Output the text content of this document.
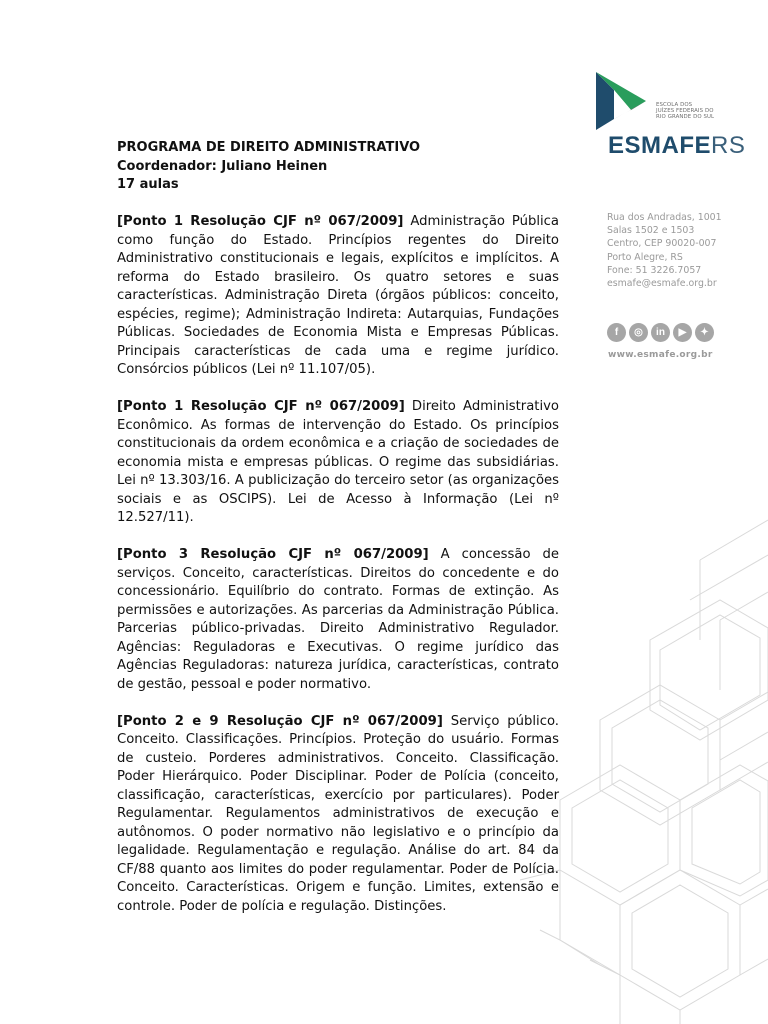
ESCOLA DOS
JUÍZES FEDERAIS DO
RIO GRANDE DO SUL
ESMAFERS
Rua dos Andradas, 1001
Salas 1502 e 1503
Centro, CEP 90020-007
Porto Alegre, RS
Fone: 51 3226.7057
esmafe@esmafe.org.br
f	◎	in	▶	✦
www.esmafe.org.br
PROGRAMA DE DIREITO ADMINISTRATIVO
Coordenador: Juliano Heinen
17 aulas

[Ponto 1 Resolução CJF nº 067/2009] Administração Pública como função do Estado. Princípios regentes do Direito Administrativo constitucionais e legais, explícitos e implícitos. A reforma do Estado brasileiro. Os quatro setores e suas características. Administração Direta (órgãos públicos: conceito, espécies, regime); Administração Indireta: Autarquias, Fundações Públicas. Sociedades de Economia Mista e Empresas Públicas. Principais características de cada uma e regime jurídico. Consórcios públicos (Lei nº 11.107/05).

[Ponto 1 Resolução CJF nº 067/2009] Direito Administrativo Econômico. As formas de intervenção do Estado. Os princípios constitucionais da ordem econômica e a criação de sociedades de economia mista e empresas públicas. O regime das subsidiárias. Lei nº 13.303/16. A publicização do terceiro setor (as organizações sociais e as OSCIPS). Lei de Acesso à Informação (Lei nº 12.527/11).

[Ponto 3 Resolução CJF nº 067/2009] A concessão de serviços. Conceito, características. Direitos do concedente e do concessionário. Equilíbrio do contrato. Formas de extinção. As permissões e autorizações. As parcerias da Administração Pública. Parcerias público-privadas. Direito Administrativo Regulador. Agências: Reguladoras e Executivas. O regime jurídico das Agências Reguladoras: natureza jurídica, características, contrato de gestão, pessoal e poder normativo.

[Ponto 2 e 9 Resolução CJF nº 067/2009] Serviço público. Conceito. Classificações. Princípios. Proteção do usuário. Formas de custeio. Porderes administrativos. Conceito. Classificação. Poder Hierárquico. Poder Disciplinar. Poder de Polícia (conceito, classificação, características, exercício por particulares). Poder Regulamentar. Regulamentos administrativos de execução e autônomos. O poder normativo não legislativo e o princípio da legalidade. Regulamentação e regulação. Análise do art. 84 da CF/88 quanto aos limites do poder regulamentar. Poder de Polícia. Conceito. Características. Origem e função. Limites, extensão e controle. Poder de polícia e regulação. Distinções.
